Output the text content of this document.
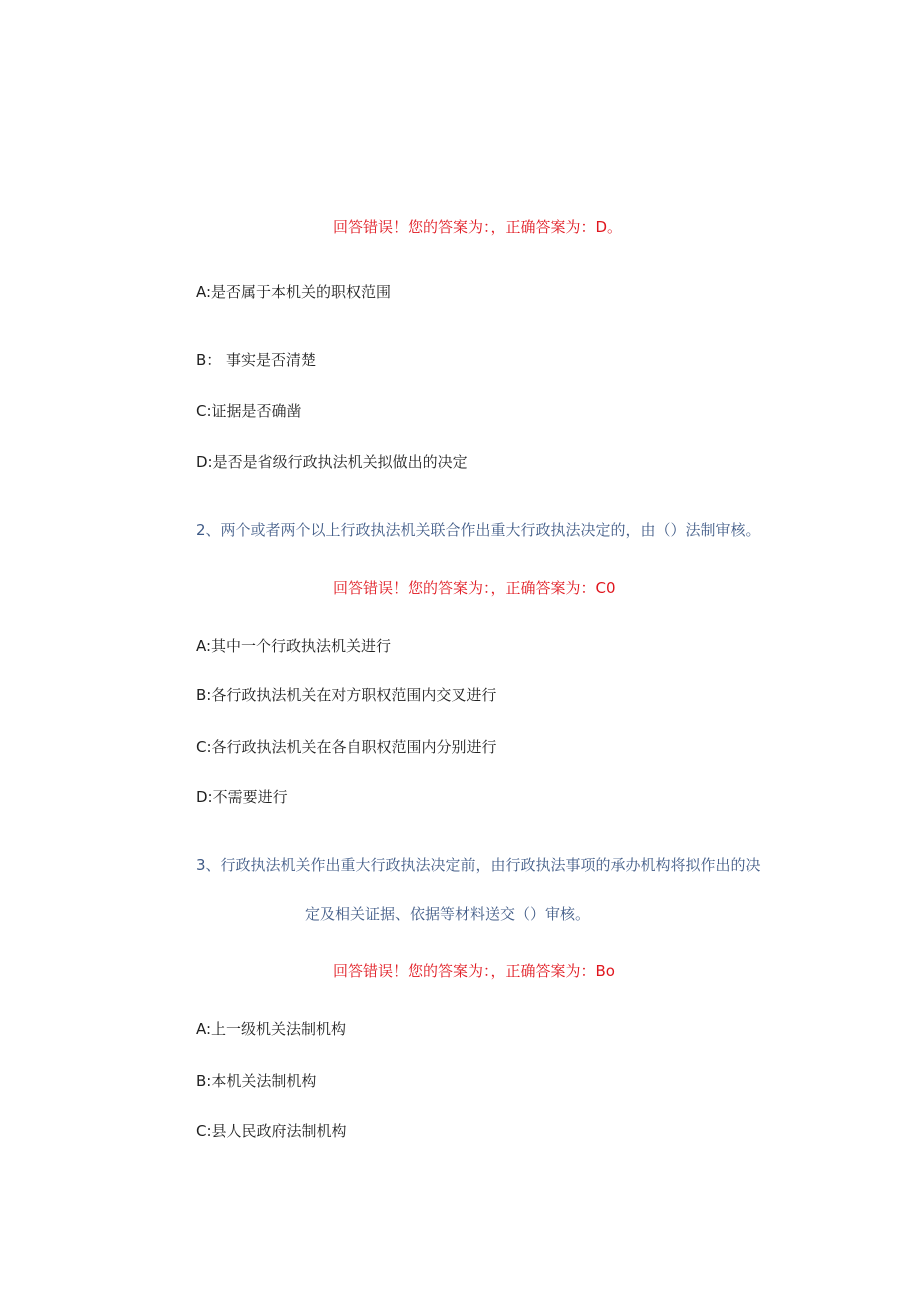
回答错误！您的答案为：，正确答案为：D。
A:是否属于本机关的职权范围
B： 事实是否清楚
C:证据是否确凿
D:是否是省级行政执法机关拟做出的决定
2、两个或者两个以上行政执法机关联合作出重大行政执法决定的，由（）法制审核。
回答错误！您的答案为：，正确答案为：C0
A:其中一个行政执法机关进行
B:各行政执法机关在对方职权范围内交叉进行
C:各行政执法机关在各自职权范围内分别进行
D:不需要进行
3、行政执法机关作出重大行政执法决定前，由行政执法事项的承办机构将拟作出的决
定及相关证据、依据等材料送交（）审核。
回答错误！您的答案为：，正确答案为：Bo
A:上一级机关法制机构
B:本机关法制机构
C:县人民政府法制机构
